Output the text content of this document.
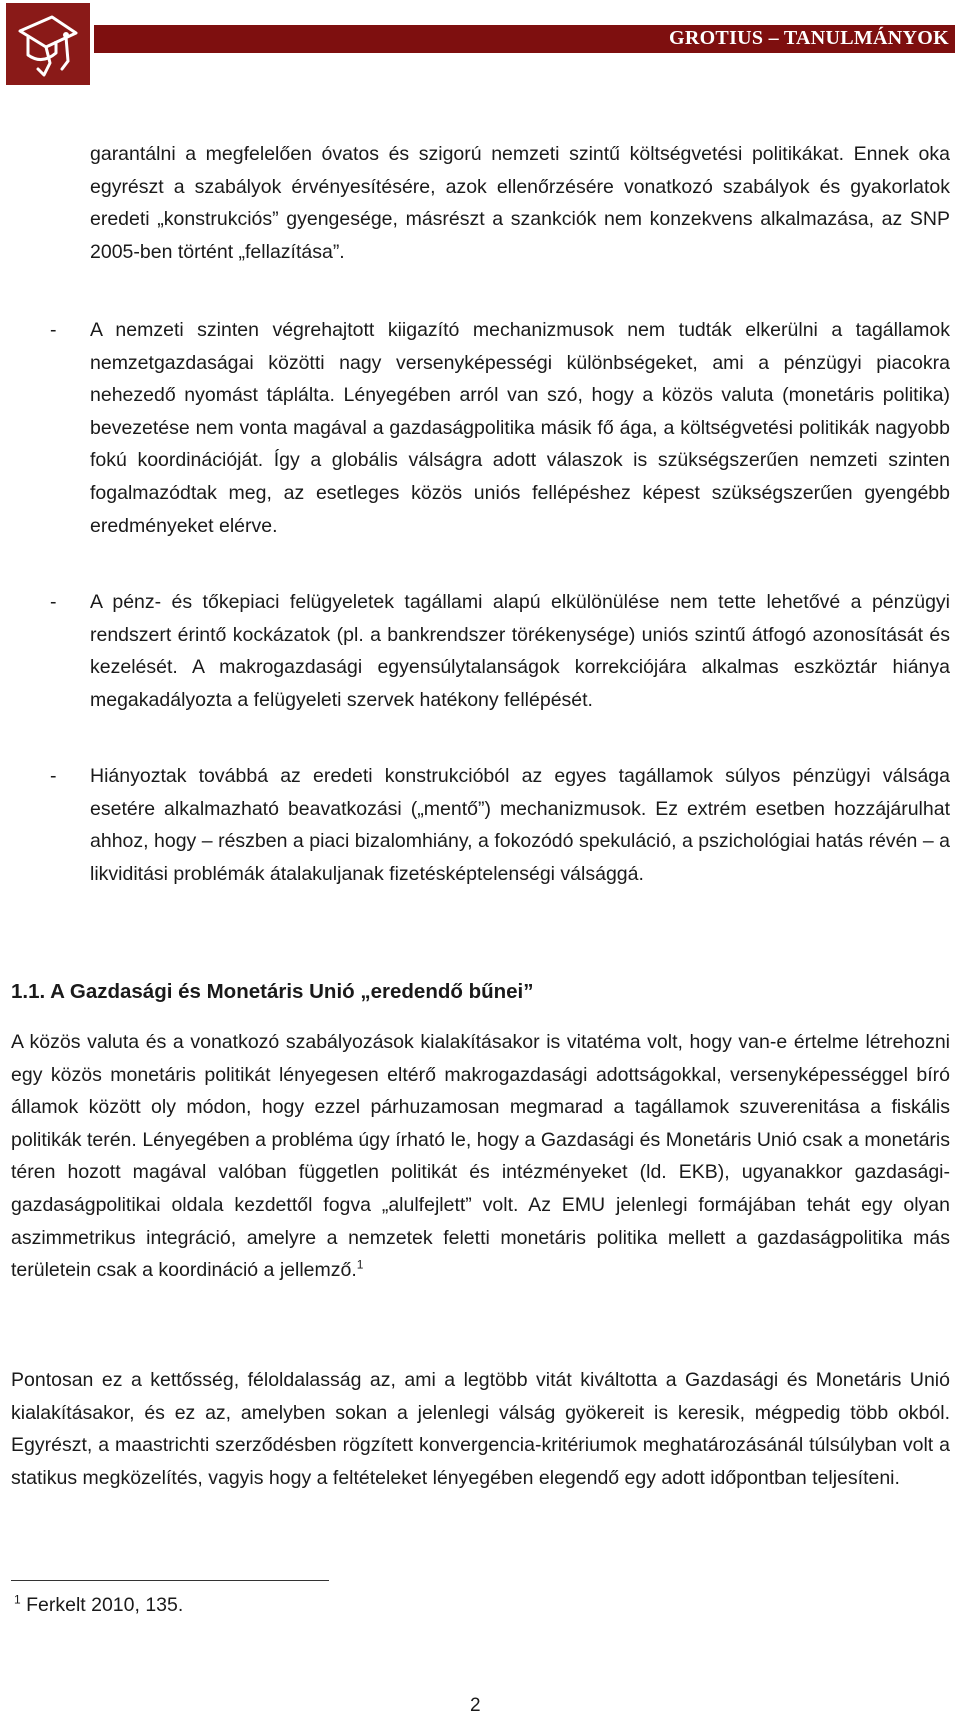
GROTIUS – TANULMÁNYOK

garantálni a megfelelően óvatos és szigorú nemzeti szintű költségvetési politikákat. Ennek oka egyrészt a szabályok érvényesítésére, azok ellenőrzésére vonatkozó szabályok és gyakorlatok eredeti „konstrukciós” gyengesége, másrészt a szankciók nem konzekvens alkalmazása, az SNP 2005-ben történt „fellazítása”.

- A nemzeti szinten végrehajtott kiigazító mechanizmusok nem tudták elkerülni a tagállamok nemzetgazdaságai közötti nagy versenyképességi különbségeket, ami a pénzügyi piacokra nehezedő nyomást táplálta. Lényegében arról van szó, hogy a közös valuta (monetáris politika) bevezetése nem vonta magával a gazdaságpolitika másik fő ága, a költségvetési politikák nagyobb fokú koordinációját. Így a globális válságra adott válaszok is szükségszerűen nemzeti szinten fogalmazódtak meg, az esetleges közös uniós fellépéshez képest szükségszerűen gyengébb eredményeket elérve.
- A pénz- és tőkepiaci felügyeletek tagállami alapú elkülönülése nem tette lehetővé a pénzügyi rendszert érintő kockázatok (pl. a bankrendszer törékenysége) uniós szintű átfogó azonosítását és kezelését. A makrogazdasági egyensúlytalanságok korrekciójára alkalmas eszköztár hiánya megakadályozta a felügyeleti szervek hatékony fellépését.
- Hiányoztak továbbá az eredeti konstrukcióból az egyes tagállamok súlyos pénzügyi válsága esetére alkalmazható beavatkozási („mentő”) mechanizmusok. Ez extrém esetben hozzájárulhat ahhoz, hogy – részben a piaci bizalomhiány, a fokozódó spekuláció, a pszichológiai hatás révén – a likviditási problémák átalakuljanak fizetésképtelenségi válsággá.
1.1. A Gazdasági és Monetáris Unió „eredendő bűnei”

A közös valuta és a vonatkozó szabályozások kialakításakor is vitatéma volt, hogy van-e értelme létrehozni egy közös monetáris politikát lényegesen eltérő makrogazdasági adottságokkal, versenyképességgel bíró államok között oly módon, hogy ezzel párhuzamosan megmarad a tagállamok szuverenitása a fiskális politikák terén. Lényegében a probléma úgy írható le, hogy a Gazdasági és Monetáris Unió csak a monetáris téren hozott magával valóban független politikát és intézményeket (ld. EKB), ugyanakkor gazdasági-gazdaságpolitikai oldala kezdettől fogva „alulfejlett” volt. Az EMU jelenlegi formájában tehát egy olyan aszimmetrikus integráció, amelyre a nemzetek feletti monetáris politika mellett a gazdaságpolitika más területein csak a koordináció a jellemző.$^1$

Pontosan ez a kettősség, féloldalasság az, ami a legtöbb vitát kiváltotta a Gazdasági és Monetáris Unió kialakításakor, és ez az, amelyben sokan a jelenlegi válság gyökereit is keresik, mégpedig több okból. Egyrészt, a maastrichti szerződésben rögzített konvergencia-kritériumok meghatározásánál túlsúlyban volt a statikus megközelítés, vagyis hogy a feltételeket lényegében elegendő egy adott időpontban teljesíteni.

$^1$ Ferkelt 2010, 135.
2
